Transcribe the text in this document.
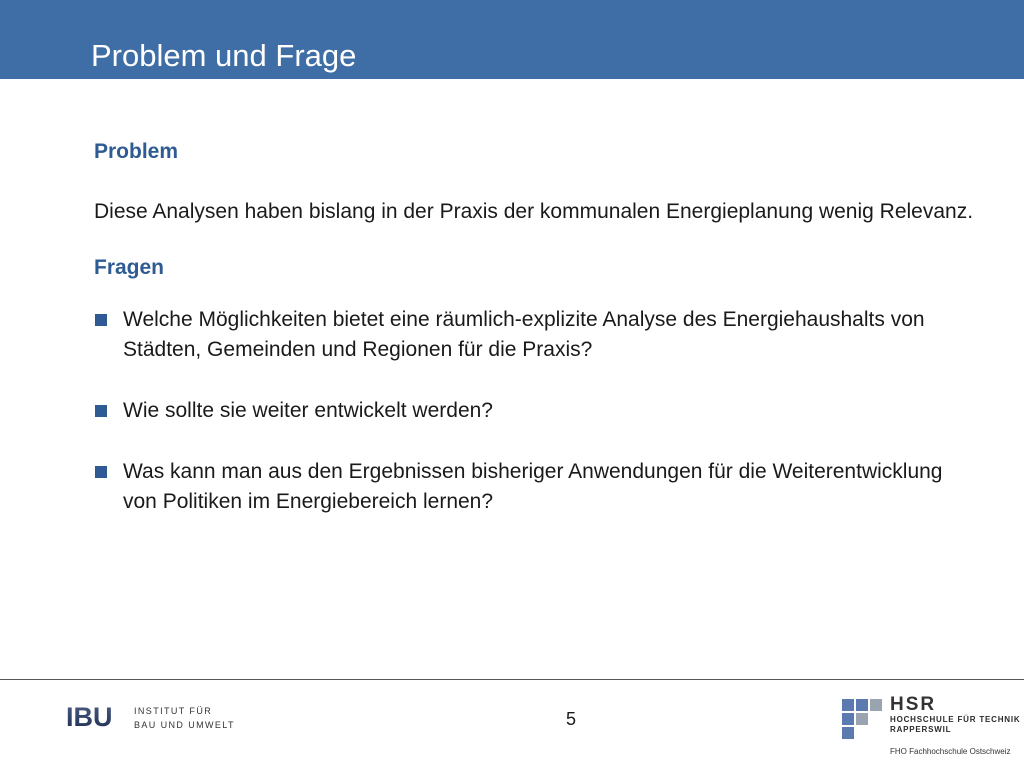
Problem und Frage
Problem
Diese Analysen haben bislang in der Praxis der kommunalen Energieplanung wenig Relevanz.
Fragen
Welche Möglichkeiten bietet eine räumlich-explizite Analyse des Energiehaushalts von Städten, Gemeinden und Regionen für die Praxis?
Wie sollte sie weiter entwickelt werden?
Was kann man aus den Ergebnissen bisheriger Anwendungen für die Weiterentwicklung von Politiken im Energiebereich lernen?
IBU INSTITUT FÜR
BAU UND UMWELT	5
HSR
HOCHSCHULE FÜR TECHNIK
RAPPERSWIL
FHO Fachhochschule Ostschweiz
